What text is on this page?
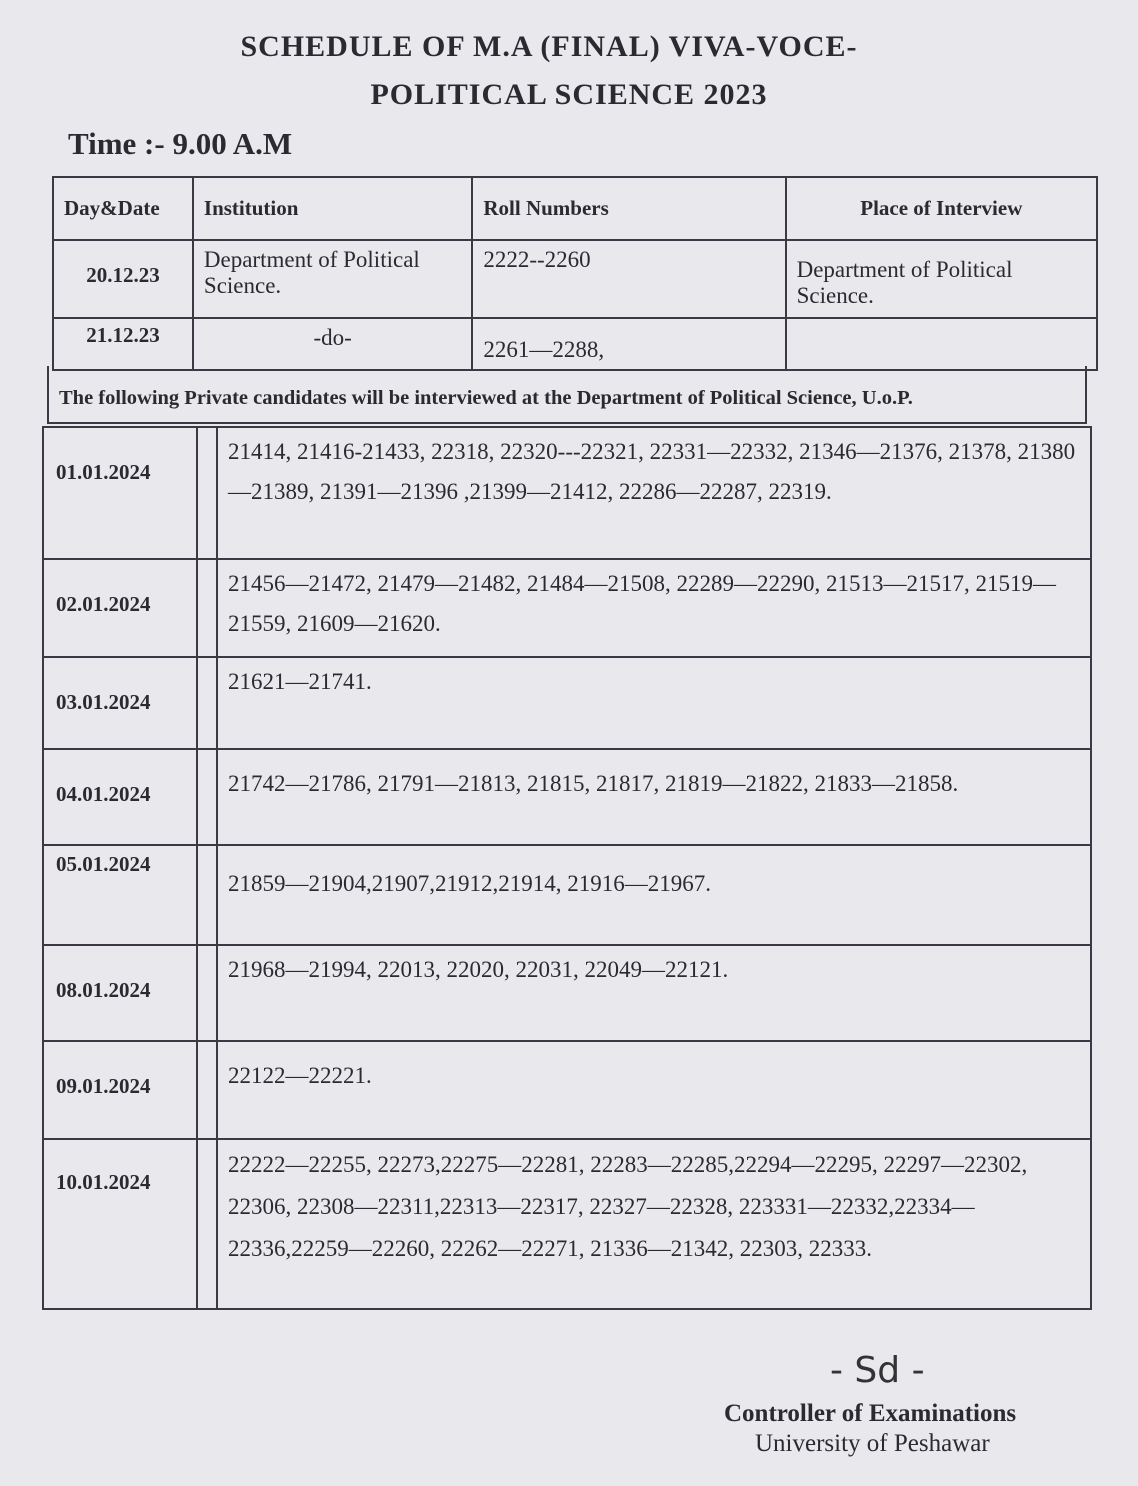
SCHEDULE OF M.A (FINAL) VIVA-VOCE-
POLITICAL SCIENCE 2023
Time :- 9.00 A.M
Day&Date	Institution	Roll Numbers	Place of Interview
20.12.23	Department of Political Science.	2222--2260	Department of Political Science.
21.12.23	-do-	2261—2288,	
The following Private candidates will be interviewed at the Department of Political Science, U.o.P.
01.01.2024		21414, 21416-21433, 22318, 22320---22321, 22331—22332, 21346—21376, 21378, 21380—21389, 21391—21396 ,21399—21412, 22286—22287, 22319.
02.01.2024		21456—21472, 21479—21482, 21484—21508, 22289—22290, 21513—21517, 21519—21559, 21609—21620.
03.01.2024		21621—21741.
04.01.2024		21742—21786, 21791—21813, 21815, 21817, 21819—21822, 21833—21858.
05.01.2024		21859—21904,21907,21912,21914, 21916—21967.
08.01.2024		21968—21994, 22013, 22020, 22031, 22049—22121.
09.01.2024		22122—22221.
10.01.2024		22222—22255, 22273,22275—22281, 22283—22285,22294—22295, 22297—22302, 22306, 22308—22311,22313—22317, 22327—22328, 223331—22332,22334—22336,22259—22260, 22262—22271, 21336—21342, 22303, 22333.
- Sd -
Controller of Examinations
University of Peshawar
